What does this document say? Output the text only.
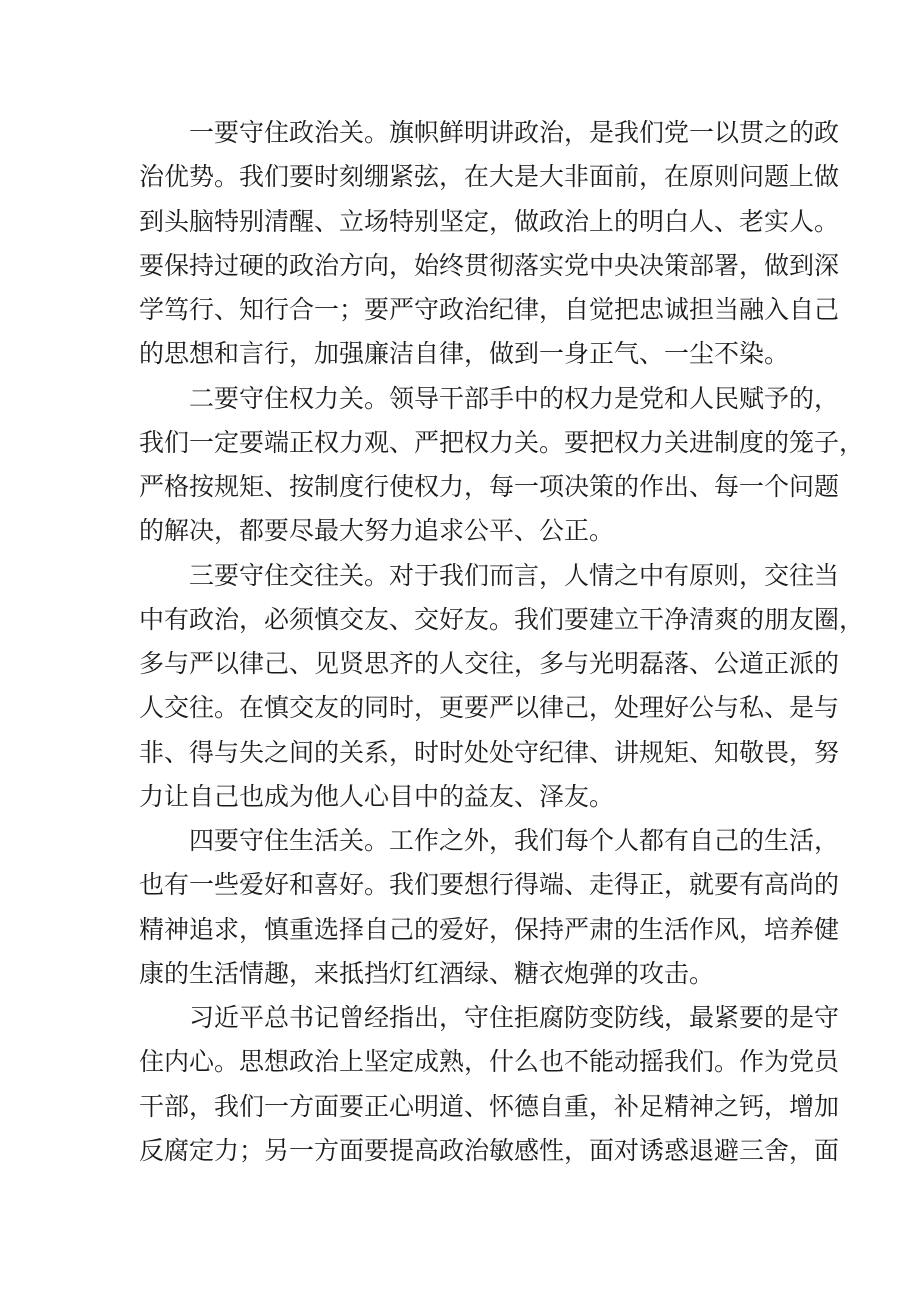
一要守住政治关。旗帜鲜明讲政治，是我们党一以贯之的政
治优势。我们要时刻绷紧弦，在大是大非面前，在原则问题上做
到头脑特别清醒、立场特别坚定，做政治上的明白人、老实人。
要保持过硬的政治方向，始终贯彻落实党中央决策部署，做到深
学笃行、知行合一；要严守政治纪律，自觉把忠诚担当融入自己
的思想和言行，加强廉洁自律，做到一身正气、一尘不染。
二要守住权力关。领导干部手中的权力是党和人民赋予的，
我们一定要端正权力观、严把权力关。要把权力关进制度的笼子，
严格按规矩、按制度行使权力，每一项决策的作出、每一个问题
的解决，都要尽最大努力追求公平、公正。
三要守住交往关。对于我们而言，人情之中有原则，交往当
中有政治，必须慎交友、交好友。我们要建立干净清爽的朋友圈，
多与严以律己、见贤思齐的人交往，多与光明磊落、公道正派的
人交往。在慎交友的同时，更要严以律己，处理好公与私、是与
非、得与失之间的关系，时时处处守纪律、讲规矩、知敬畏，努
力让自己也成为他人心目中的益友、泽友。
四要守住生活关。工作之外，我们每个人都有自己的生活，
也有一些爱好和喜好。我们要想行得端、走得正，就要有高尚的
精神追求，慎重选择自己的爱好，保持严肃的生活作风，培养健
康的生活情趣，来抵挡灯红酒绿、糖衣炮弹的攻击。
习近平总书记曾经指出，守住拒腐防变防线，最紧要的是守
住内心。思想政治上坚定成熟，什么也不能动摇我们。作为党员
干部，我们一方面要正心明道、怀德自重，补足精神之钙，增加
反腐定力；另一方面要提高政治敏感性，面对诱惑退避三舍，面
